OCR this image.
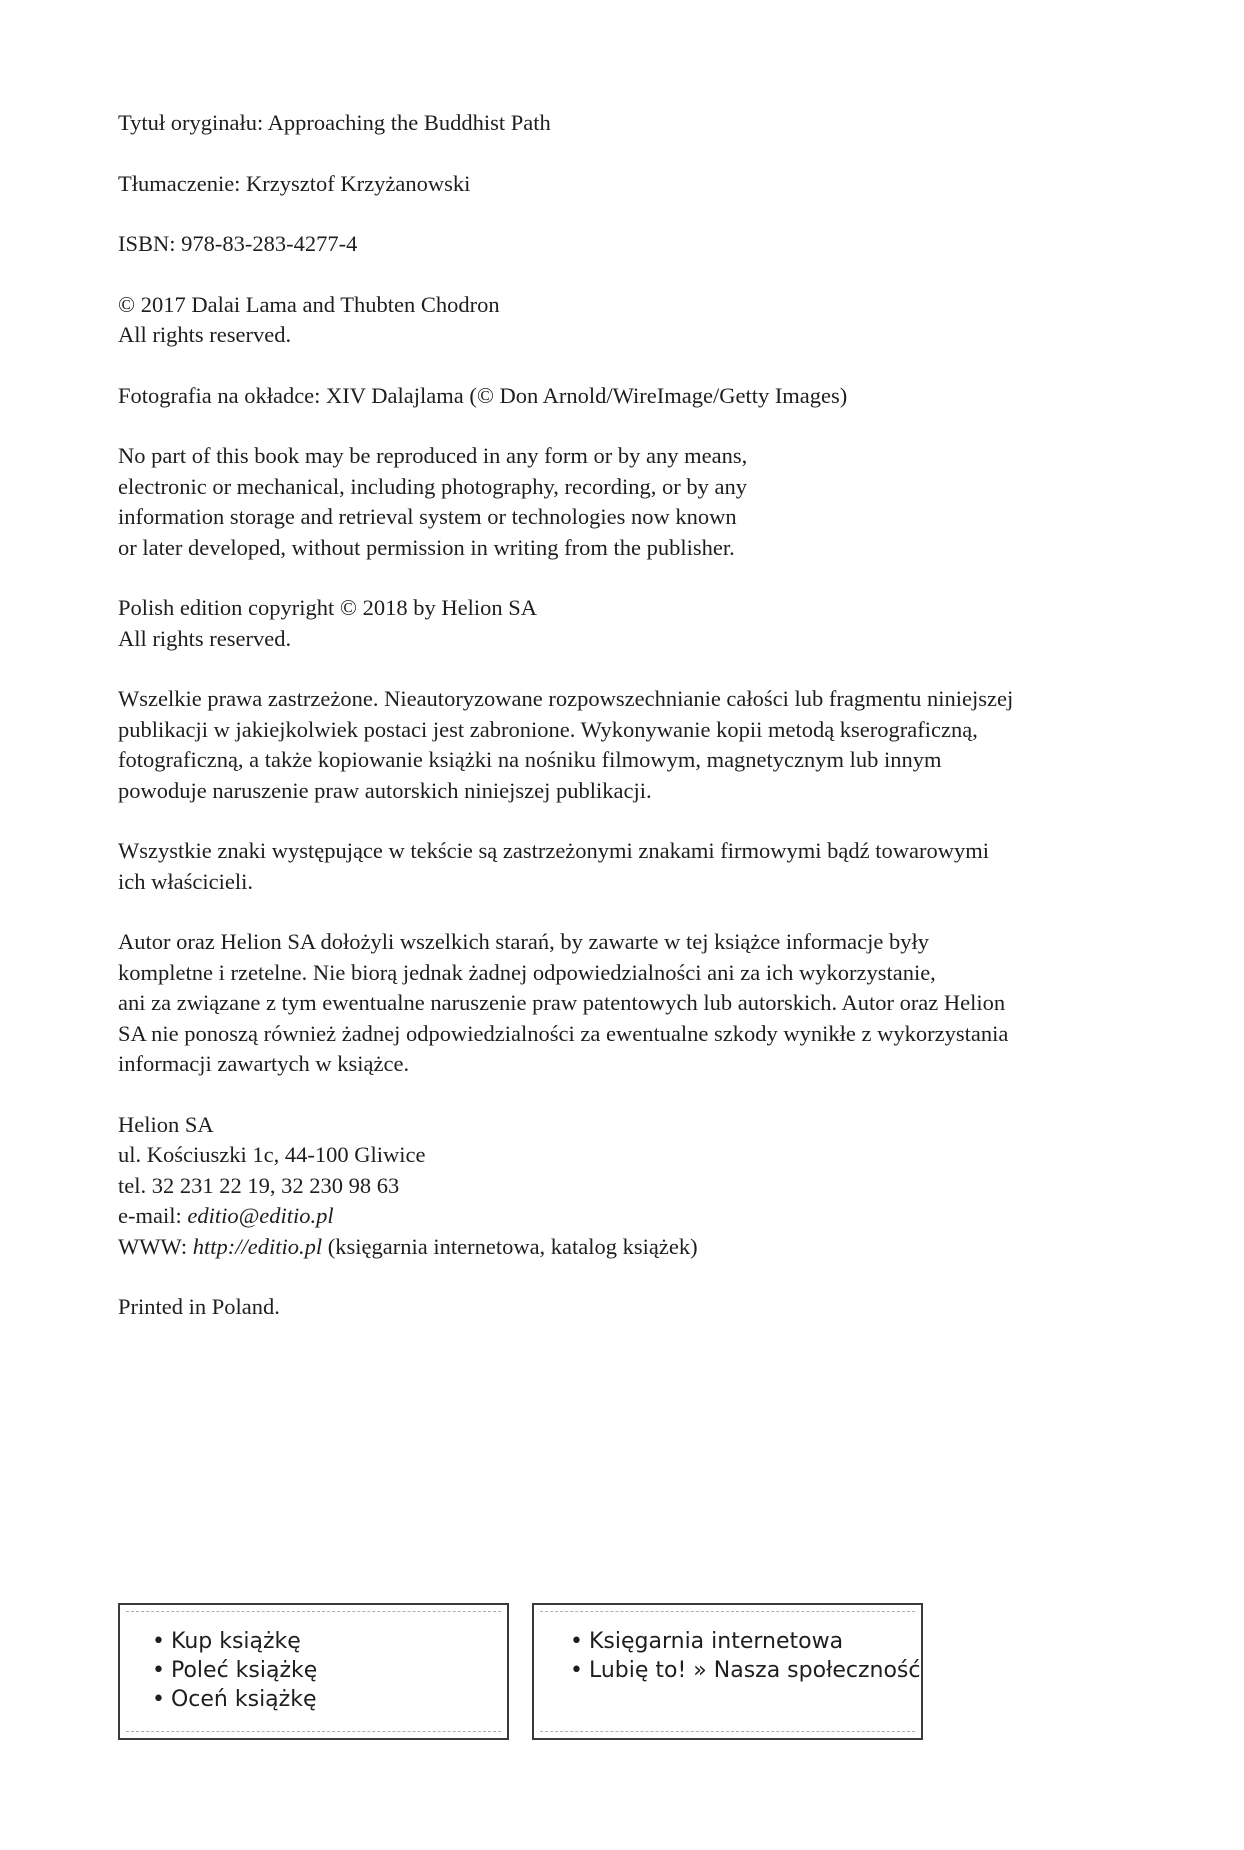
Tytuł oryginału: Approaching the Buddhist Path

Tłumaczenie: Krzysztof Krzyżanowski

ISBN: 978-83-283-4277-4

© 2017 Dalai Lama and Thubten Chodron
All rights reserved.

Fotografia na okładce: XIV Dalajlama (© Don Arnold/WireImage/Getty Images)

No part of this book may be reproduced in any form or by any means,
electronic or mechanical, including photography, recording, or by any
information storage and retrieval system or technologies now known
or later developed, without permission in writing from the publisher.

Polish edition copyright © 2018 by Helion SA
All rights reserved.

Wszelkie prawa zastrzeżone. Nieautoryzowane rozpowszechnianie całości lub fragmentu niniejszej
publikacji w jakiejkolwiek postaci jest zabronione. Wykonywanie kopii metodą kserograficzną,
fotograficzną, a także kopiowanie książki na nośniku filmowym, magnetycznym lub innym
powoduje naruszenie praw autorskich niniejszej publikacji.

Wszystkie znaki występujące w tekście są zastrzeżonymi znakami firmowymi bądź towarowymi
ich właścicieli.

Autor oraz Helion SA dołożyli wszelkich starań, by zawarte w tej książce informacje były
kompletne i rzetelne. Nie biorą jednak żadnej odpowiedzialności ani za ich wykorzystanie,
ani za związane z tym ewentualne naruszenie praw patentowych lub autorskich. Autor oraz Helion
SA nie ponoszą również żadnej odpowiedzialności za ewentualne szkody wynikłe z wykorzystania
informacji zawartych w książce.

Helion SA
ul. Kościuszki 1c, 44-100 Gliwice
tel. 32 231 22 19, 32 230 98 63
e-mail: editio@editio.pl
WWW: http://editio.pl (księgarnia internetowa, katalog książek)

Printed in Poland.

• Kup książkę
• Poleć książkę
• Oceń książkę
• Księgarnia internetowa
• Lubię to! » Nasza społeczność
